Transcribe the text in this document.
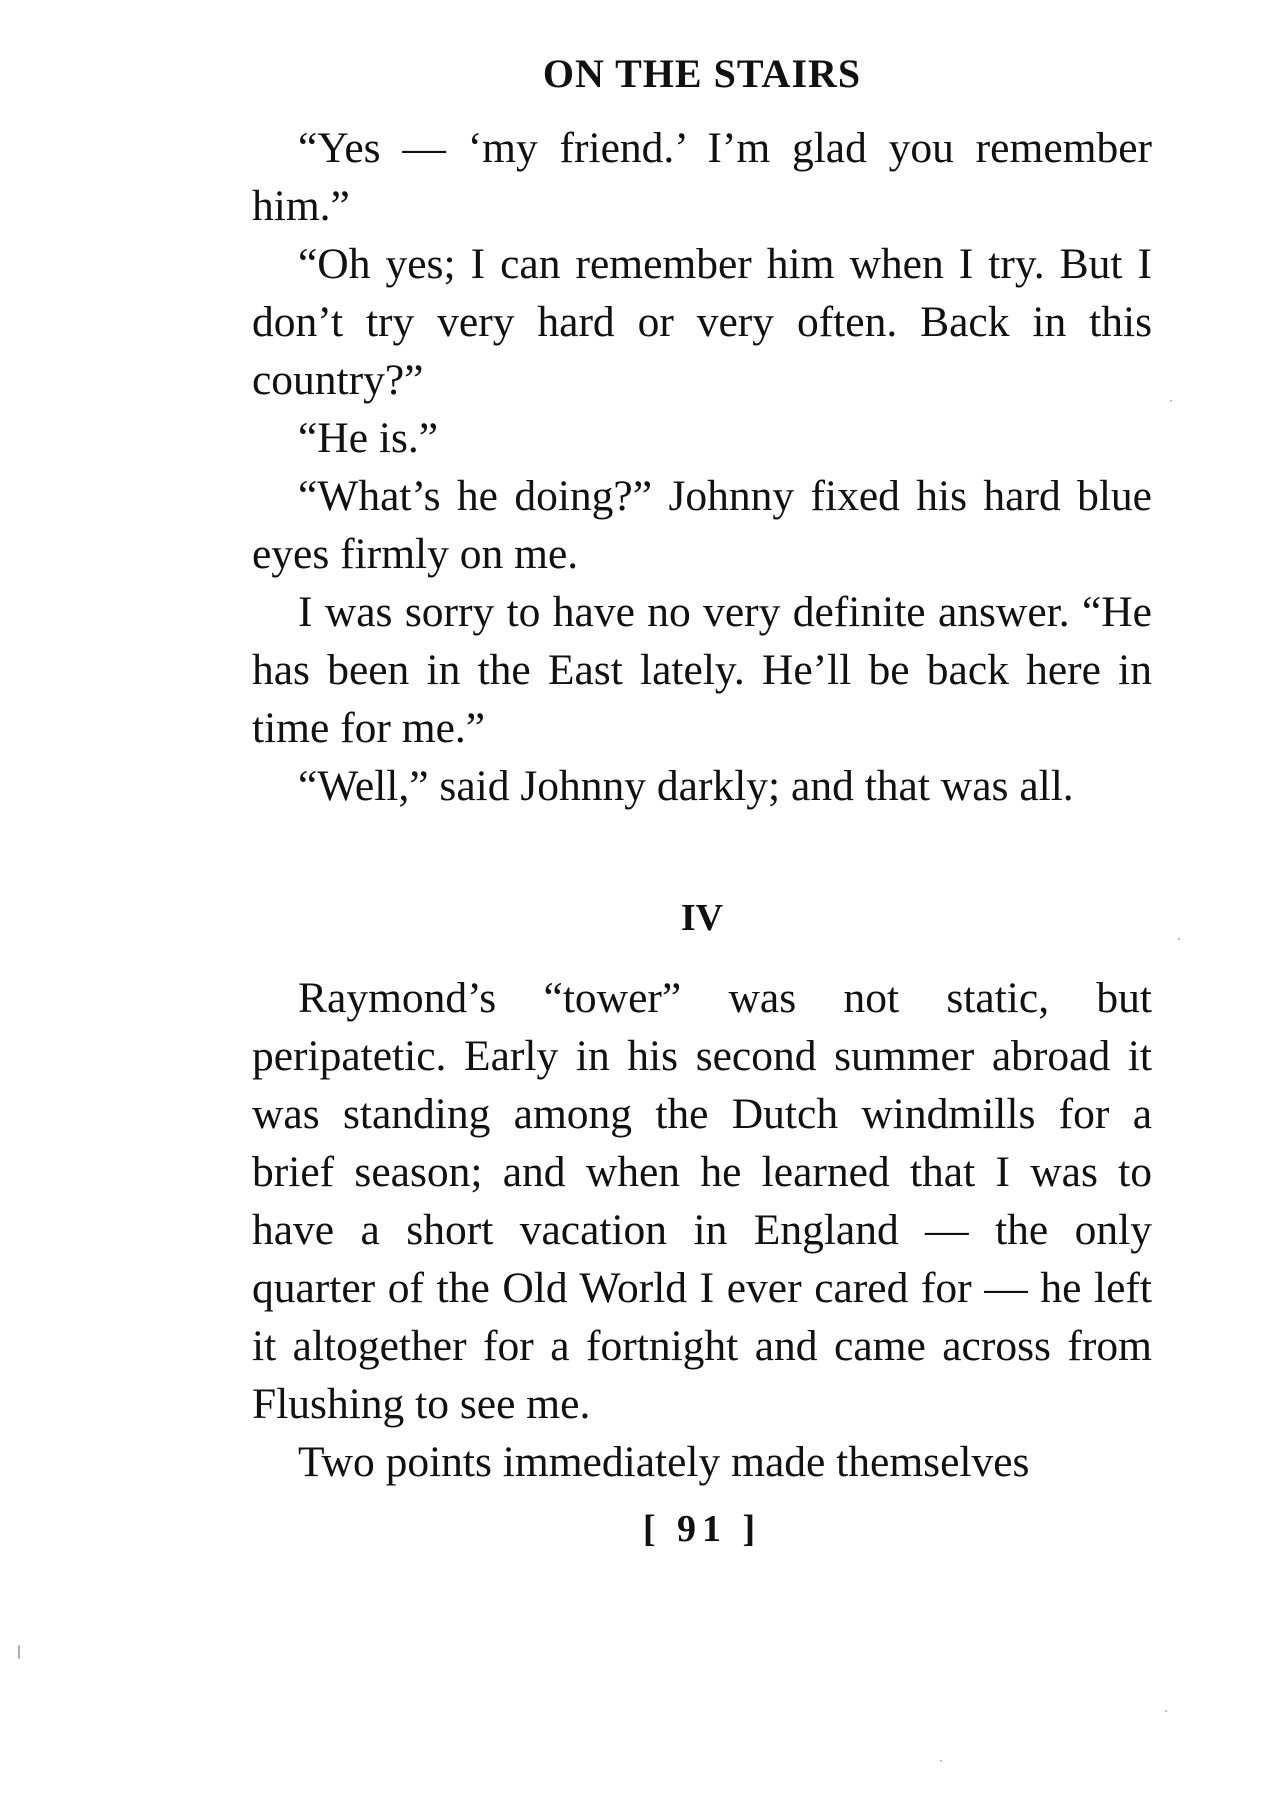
ON THE STAIRS

“Yes — ‘my friend.’ I’m glad you remember him.”

“Oh yes; I can remember him when I try. But I don’t try very hard or very often. Back in this country?”

“He is.”

“What’s he doing?” Johnny fixed his hard blue eyes firmly on me.

I was sorry to have no very definite answer. “He has been in the East lately. He’ll be back here in time for me.”

“Well,” said Johnny darkly; and that was all.

IV

Raymond’s “tower” was not static, but peripatetic. Early in his second summer abroad it was standing among the Dutch windmills for a brief season; and when he learned that I was to have a short vacation in England — the only quarter of the Old World I ever cared for — he left it altogether for a fortnight and came across from Flushing to see me.

Two points immediately made themselves

[ 91 ]
